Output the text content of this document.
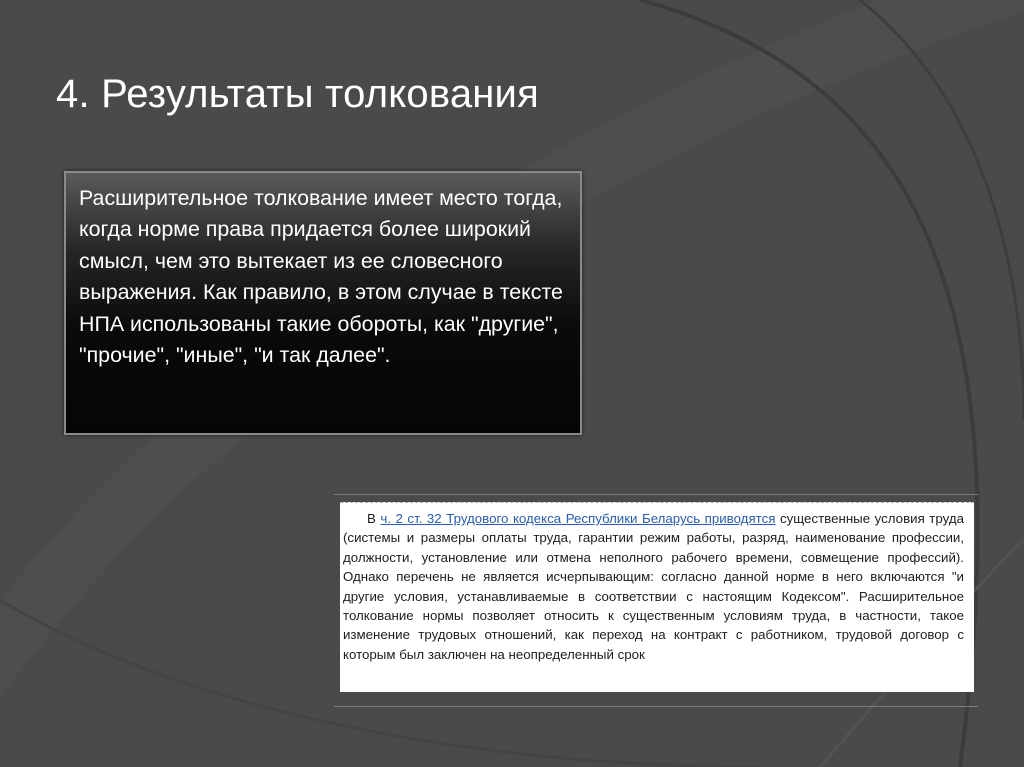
4. Результаты толкования

Расширительное толкование имеет место тогда, когда норме права придается более широкий смысл, чем это вытекает из ее словесного выражения. Как правило, в этом случае в тексте НПА использованы такие обороты, как "другие", "прочие", "иные", "и так далее".

В ч. 2 ст. 32 Трудового кодекса Республики Беларусь приводятся существенные условия труда (системы и размеры оплаты труда, гарантии режим работы, разряд, наименование профессии, должности, установление или отмена неполного рабочего времени, совмещение профессий). Однако перечень не является исчерпывающим: согласно данной норме в него включаются "и другие условия, устанавливаемые в соответствии с настоящим Кодексом". Расширительное толкование нормы позволяет относить к существенным условиям труда, в частности, такое изменение трудовых отношений, как переход на контракт с работником, трудовой договор с которым был заключен на неопределенный срок
